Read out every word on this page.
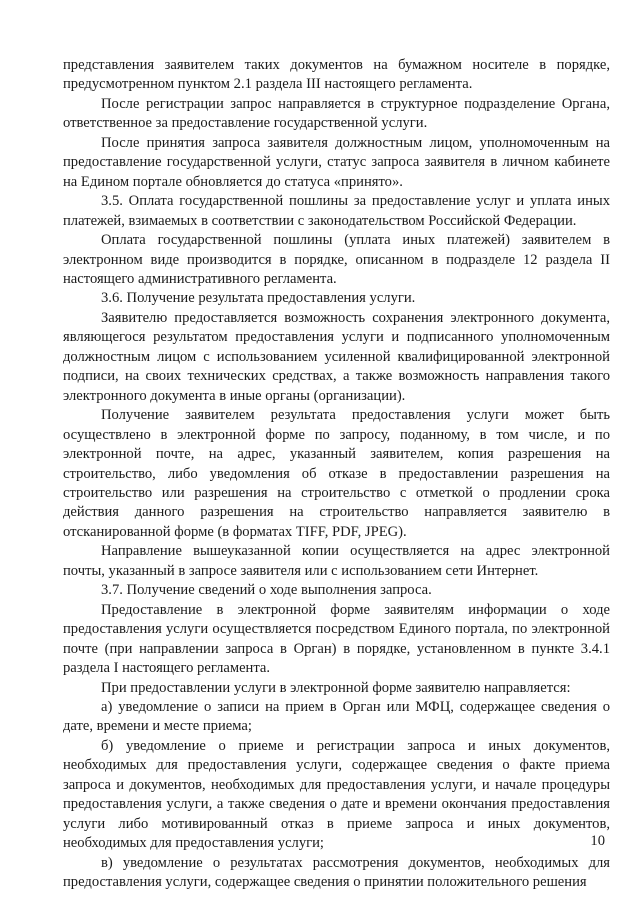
представления заявителем таких документов на бумажном носителе в порядке, предусмотренном пунктом 2.1 раздела III настоящего регламента.

После регистрации запрос направляется в структурное подразделение Органа, ответственное за предоставление государственной услуги.

После принятия запроса заявителя должностным лицом, уполномоченным на предоставление государственной услуги, статус запроса заявителя в личном кабинете на Едином портале обновляется до статуса «принято».

3.5. Оплата государственной пошлины за предоставление услуг и уплата иных платежей, взимаемых в соответствии с законодательством Российской Федерации.

Оплата государственной пошлины (уплата иных платежей) заявителем в электронном виде производится в порядке, описанном в подразделе 12 раздела II настоящего административного регламента.

3.6. Получение результата предоставления услуги.

Заявителю предоставляется возможность сохранения электронного документа, являющегося результатом предоставления услуги и подписанного уполномоченным должностным лицом с использованием усиленной квалифицированной электронной подписи, на своих технических средствах, а также возможность направления такого электронного документа в иные органы (организации).

Получение заявителем результата предоставления услуги может быть осуществлено в электронной форме по запросу, поданному, в том числе, и по электронной почте, на адрес, указанный заявителем, копия разрешения на строительство, либо уведомления об отказе в предоставлении разрешения на строительство или разрешения на строительство с отметкой о продлении срока действия данного разрешения на строительство направляется заявителю в отсканированной форме (в форматах TIFF, PDF, JPEG).

Направление вышеуказанной копии осуществляется на адрес электронной почты, указанный в запросе заявителя или с использованием сети Интернет.

3.7. Получение сведений о ходе выполнения запроса.

Предоставление в электронной форме заявителям информации о ходе предоставления услуги осуществляется посредством Единого портала, по электронной почте (при направлении запроса в Орган) в порядке, установленном в пункте 3.4.1 раздела I настоящего регламента.

При предоставлении услуги в электронной форме заявителю направляется:

а) уведомление о записи на прием в Орган или МФЦ, содержащее сведения о дате, времени и месте приема;

б) уведомление о приеме и регистрации запроса и иных документов, необходимых для предоставления услуги, содержащее сведения о факте приема запроса и документов, необходимых для предоставления услуги, и начале процедуры предоставления услуги, а также сведения о дате и времени окончания предоставления услуги либо мотивированный отказ в приеме запроса и иных документов, необходимых для предоставления услуги;

в) уведомление о результатах рассмотрения документов, необходимых для предоставления услуги, содержащее сведения о принятии положительного решения

10
